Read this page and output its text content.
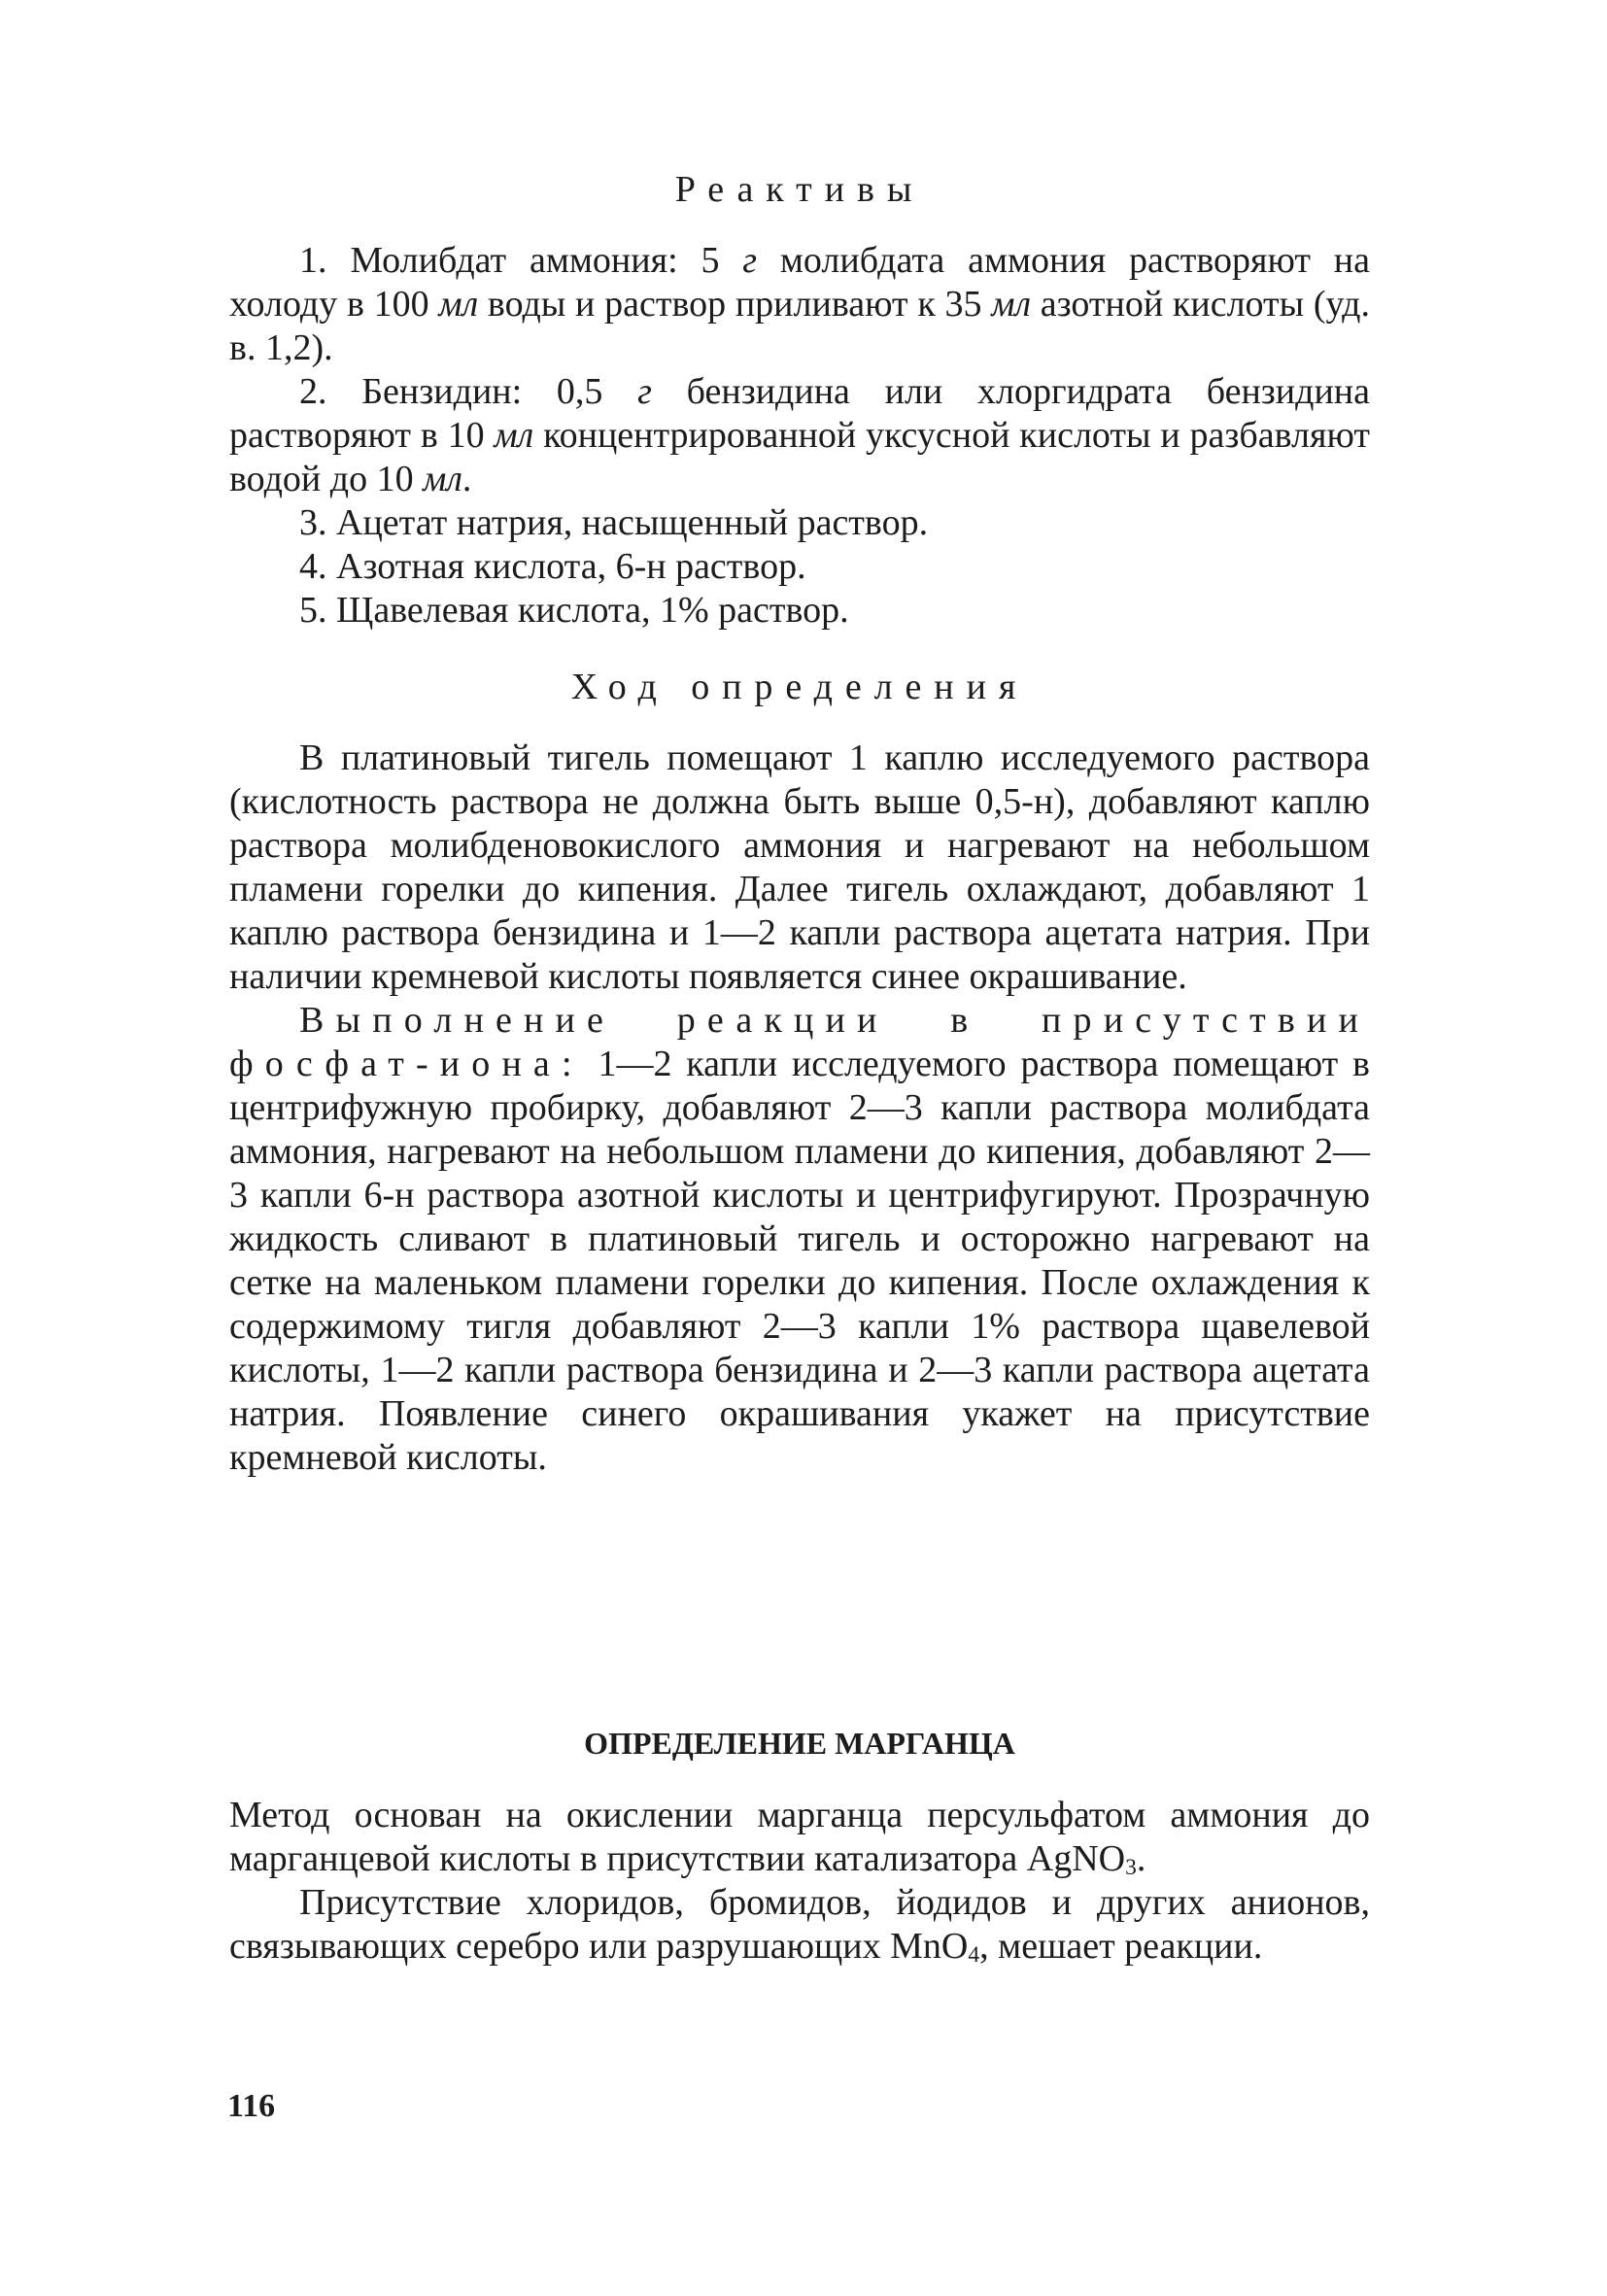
Реактивы
1. Молибдат аммония: 5 г молибдата аммония растворяют на холоду в 100 мл воды и раствор приливают к 35 мл азотной кислоты (уд. в. 1,2).
2. Бензидин: 0,5 г бензидина или хлоргидрата бензидина растворяют в 10 мл концентрированной уксусной кислоты и разбавляют водой до 10 мл.
3. Ацетат натрия, насыщенный раствор.
4. Азотная кислота, 6-н раствор.
5. Щавелевая кислота, 1% раствор.
Ход определения

В платиновый тигель помещают 1 каплю исследуемого раствора (кислотность раствора не должна быть выше 0,5-н), добавляют каплю раствора молибденовокислого аммония и нагревают на небольшом пламени горелки до кипения. Далее тигель охлаждают, добавляют 1 каплю раствора бензидина и 1—2 капли раствора ацетата натрия. При наличии кремневой кислоты появляется синее окрашивание.

Выполнение реакции в присутствии фосфат-иона: 1—2 капли исследуемого раствора помещают в центрифужную пробирку, добавляют 2—3 капли раствора молибдата аммония, нагревают на небольшом пламени до кипения, добавляют 2—3 капли 6-н раствора азотной кислоты и центрифугируют. Прозрачную жидкость сливают в платиновый тигель и осторожно нагревают на сетке на маленьком пламени горелки до кипения. После охлаждения к содержимому тигля добавляют 2—3 капли 1% раствора щавелевой кислоты, 1—2 капли раствора бензидина и 2—3 капли раствора ацетата натрия. Появление синего окрашивания укажет на присутствие кремневой кислоты.

ОПРЕДЕЛЕНИЕ МАРГАНЦА

Метод основан на окислении марганца персульфатом аммония до марганцевой кислоты в присутствии катализатора AgNO$_3$.

Присутствие хлоридов, бромидов, йодидов и других анионов, связывающих серебро или разрушающих MnO$_4$, мешает реакции.

116
